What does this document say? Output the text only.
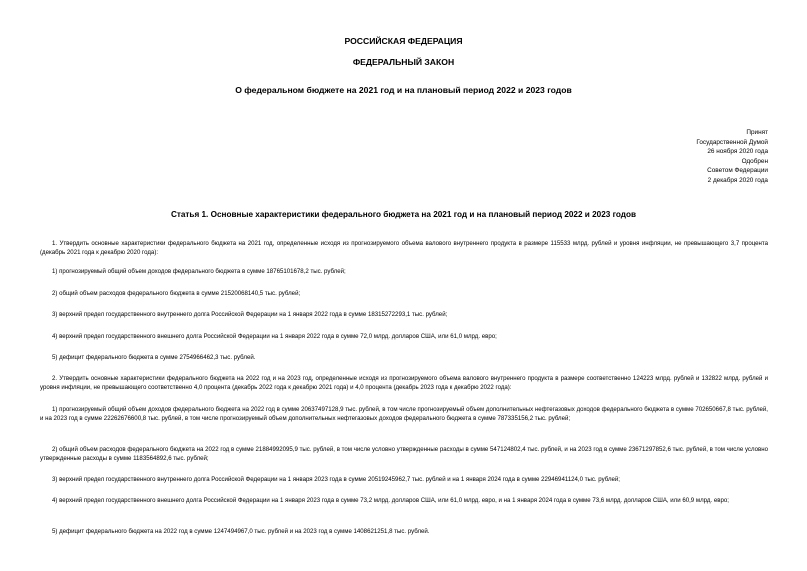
РОССИЙСКАЯ ФЕДЕРАЦИЯ
ФЕДЕРАЛЬНЫЙ ЗАКОН
О федеральном бюджете на 2021 год и на плановый период 2022 и 2023 годов
Принят
Государственной Думой
26 ноября 2020 года
Одобрен
Советом Федерации
2 декабря 2020 года
Статья 1. Основные характеристики федерального бюджета на 2021 год и на плановый период 2022 и 2023 годов
1. Утвердить основные характеристики федерального бюджета на 2021 год, определенные исходя из прогнозируемого объема валового внутреннего продукта в размере 115533 млрд. рублей и уровня инфляции, не превышающего 3,7 процента (декабрь 2021 года к декабрю 2020 года):
1) прогнозируемый общий объем доходов федерального бюджета в сумме 18765101678,2 тыс. рублей;
2) общий объем расходов федерального бюджета в сумме 21520068140,5 тыс. рублей;
3) верхний предел государственного внутреннего долга Российской Федерации на 1 января 2022 года в сумме 18315272293,1 тыс. рублей;
4) верхний предел государственного внешнего долга Российской Федерации на 1 января 2022 года в сумме 72,0 млрд. долларов США, или 61,0 млрд. евро;
5) дефицит федерального бюджета в сумме 2754966462,3 тыс. рублей.
2. Утвердить основные характеристики федерального бюджета на 2022 год и на 2023 год, определенные исходя из прогнозируемого объема валового внутреннего продукта в размере соответственно 124223 млрд. рублей и 132822 млрд. рублей и уровня инфляции, не превышающего соответственно 4,0 процента (декабрь 2022 года к декабрю 2021 года) и 4,0 процента (декабрь 2023 года к декабрю 2022 года):
1) прогнозируемый общий объем доходов федерального бюджета на 2022 год в сумме 20637497128,9 тыс. рублей, в том числе прогнозируемый объем дополнительных нефтегазовых доходов федерального бюджета в сумме 702650667,8 тыс. рублей, и на 2023 год в сумме 22262676600,8 тыс. рублей, в том числе прогнозируемый объем дополнительных нефтегазовых доходов федерального бюджета в сумме 787335156,2 тыс. рублей;
2) общий объем расходов федерального бюджета на 2022 год в сумме 21884992095,9 тыс. рублей, в том числе условно утвержденные расходы в сумме 547124802,4 тыс. рублей, и на 2023 год в сумме 23671297852,6 тыс. рублей, в том числе условно утвержденные расходы в сумме 1183564892,6 тыс. рублей;
3) верхний предел государственного внутреннего долга Российской Федерации на 1 января 2023 года в сумме 20519245962,7 тыс. рублей и на 1 января 2024 года в сумме 22946941124,0 тыс. рублей;
4) верхний предел государственного внешнего долга Российской Федерации на 1 января 2023 года в сумме 73,2 млрд. долларов США, или 61,0 млрд. евро, и на 1 января 2024 года в сумме 73,6 млрд. долларов США, или 60,9 млрд. евро;
5) дефицит федерального бюджета на 2022 год в сумме 1247494967,0 тыс. рублей и на 2023 год в сумме 1408621251,8 тыс. рублей.
